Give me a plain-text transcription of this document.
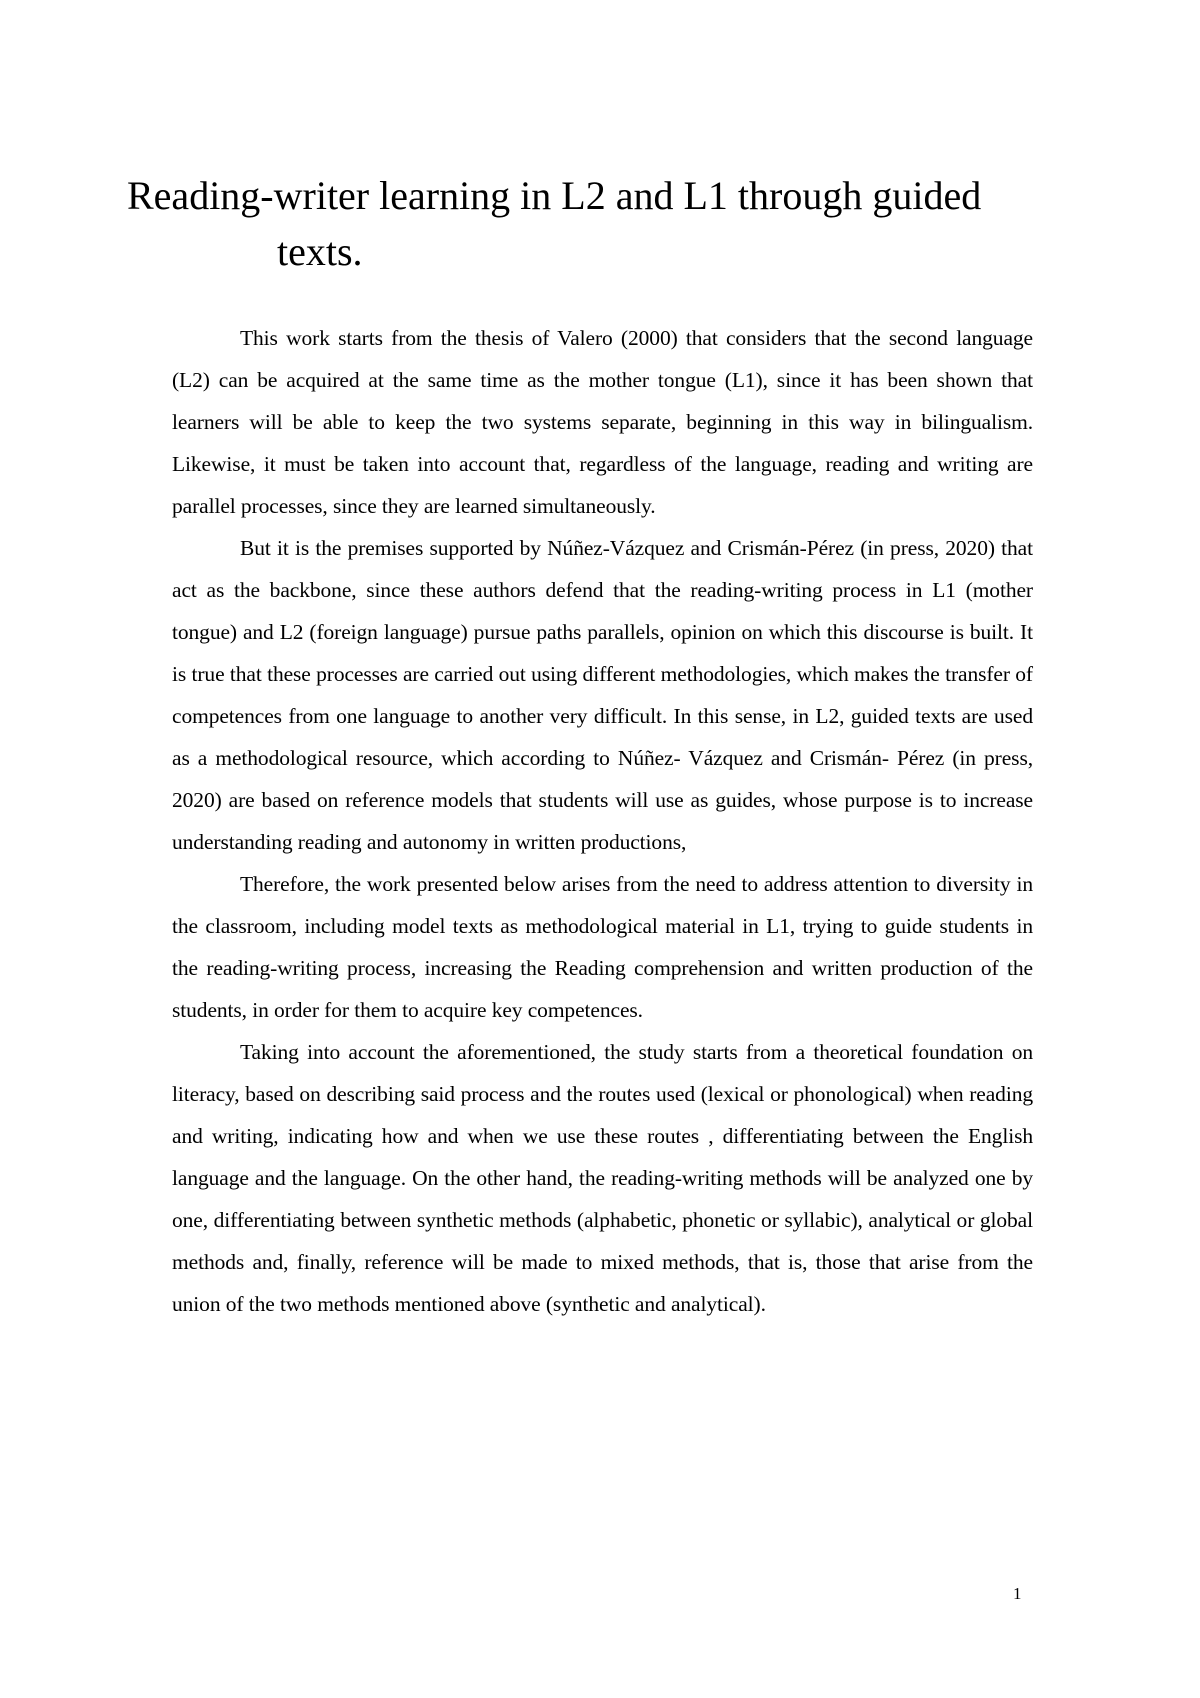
Reading-writer learning in L2 and L1 through guided
texts.

This work starts from the thesis of Valero (2000) that considers that the second language (L2) can be acquired at the same time as the mother tongue (L1), since it has been shown that learners will be able to keep the two systems separate, beginning in this way in bilingualism. Likewise, it must be taken into account that, regardless of the language, reading and writing are parallel processes, since they are learned simultaneously.

But it is the premises supported by Núñez-Vázquez and Crismán-Pérez (in press, 2020) that act as the backbone, since these authors defend that the reading-writing process in L1 (mother tongue) and L2 (foreign language) pursue paths parallels, opinion on which this discourse is built. It is true that these processes are carried out using different methodologies, which makes the transfer of competences from one language to another very difficult. In this sense, in L2, guided texts are used as a methodological resource, which according to Núñez- Vázquez and Crismán- Pérez (in press, 2020) are based on reference models that students will use as guides, whose purpose is to increase understanding reading and autonomy in written productions,

Therefore, the work presented below arises from the need to address attention to diversity in the classroom, including model texts as methodological material in L1, trying to guide students in the reading-writing process, increasing the Reading comprehension and written production of the students, in order for them to acquire key competences.

Taking into account the aforementioned, the study starts from a theoretical foundation on literacy, based on describing said process and the routes used (lexical or phonological) when reading and writing, indicating how and when we use these routes , differentiating between the English language and the language. On the other hand, the reading-writing methods will be analyzed one by one, differentiating between synthetic methods (alphabetic, phonetic or syllabic), analytical or global methods and, finally, reference will be made to mixed methods, that is, those that arise from the union of the two methods mentioned above (synthetic and analytical).

1
